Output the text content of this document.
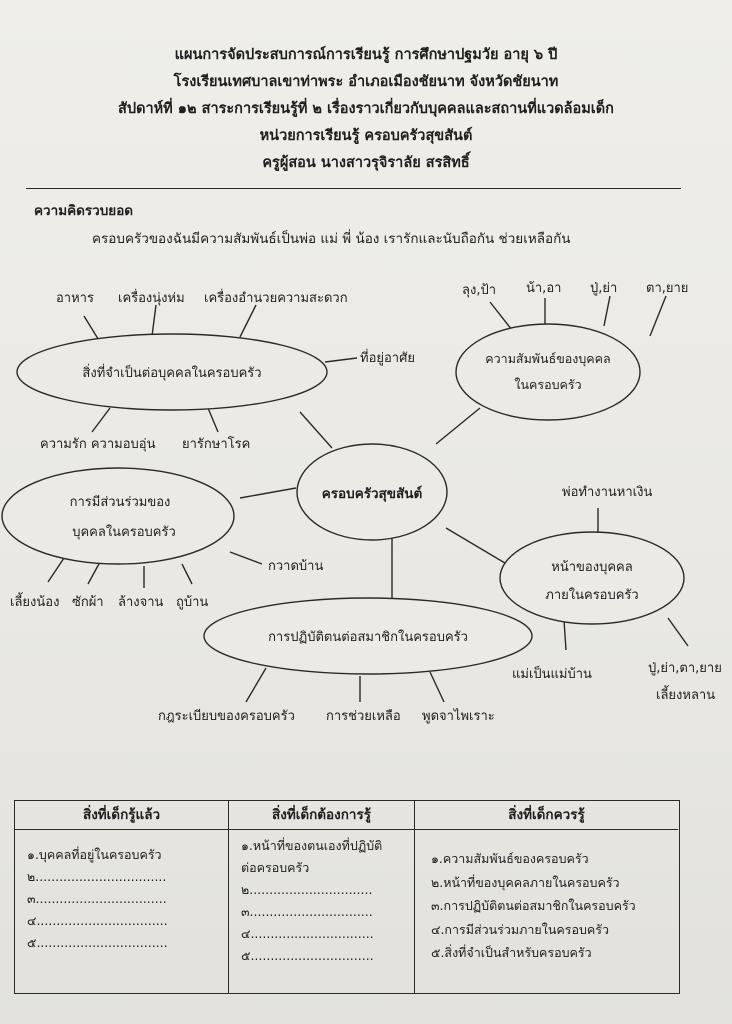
แผนการจัดประสบการณ์การเรียนรู้ การศึกษาปฐมวัย อายุ ๖ ปี
โรงเรียนเทศบาลเขาท่าพระ อำเภอเมืองชัยนาท จังหวัดชัยนาท
สัปดาห์ที่ ๑๒ สาระการเรียนรู้ที่ ๒ เรื่องราวเกี่ยวกับบุคคลและสถานที่แวดล้อมเด็ก
หน่วยการเรียนรู้ ครอบครัวสุขสันต์
ครูผู้สอน นางสาวรุจิราลัย สรสิทธิ์
ความคิดรวบยอด
ครอบครัวของฉันมีความสัมพันธ์เป็นพ่อ แม่ พี่ น้อง เรารักและนับถือกัน ช่วยเหลือกัน
ครอบครัวสุขสันต์
สิ่งที่จำเป็นต่อบุคคลในครอบครัว
ความสัมพันธ์ของบุคคล
ในครอบครัว
การมีส่วนร่วมของ
บุคคลในครอบครัว
หน้าของบุคคล
ภายในครอบครัว
การปฏิบัติตนต่อสมาชิกในครอบครัว
อาหาร เครื่องนุ่งห่ม เครื่องอำนวยความสะดวก
ที่อยู่อาศัย
ความรัก ความอบอุ่น ยารักษาโรค
ลุง,ป้า น้า,อา ปู่,ย่า ตา,ยาย
เลี้ยงน้อง ซักผ้า ล้างจาน ถูบ้าน
กวาดบ้าน
พ่อทำงานหาเงิน
แม่เป็นแม่บ้าน	ปู่,ย่า,ตา,ยาย
เลี้ยงหลาน
กฎระเบียบของครอบครัว การช่วยเหลือ พูดจาไพเราะ
สิ่งที่เด็กรู้แล้ว
๑.บุคคลที่อยู่ในครอบครัว
๒.................................
๓.................................
๔.................................
๕.................................
สิ่งที่เด็กต้องการรู้
๑.หน้าที่ของตนเองที่ปฏิบัติ
ต่อครอบครัว
๒...............................
๓...............................
๔...............................
๕...............................
สิ่งที่เด็กควรรู้
๑.ความสัมพันธ์ของครอบครัว
๒.หน้าที่ของบุคคลภายในครอบครัว
๓.การปฏิบัติตนต่อสมาชิกในครอบครัว
๔.การมีส่วนร่วมภายในครอบครัว
๕.สิ่งที่จำเป็นสำหรับครอบครัว
